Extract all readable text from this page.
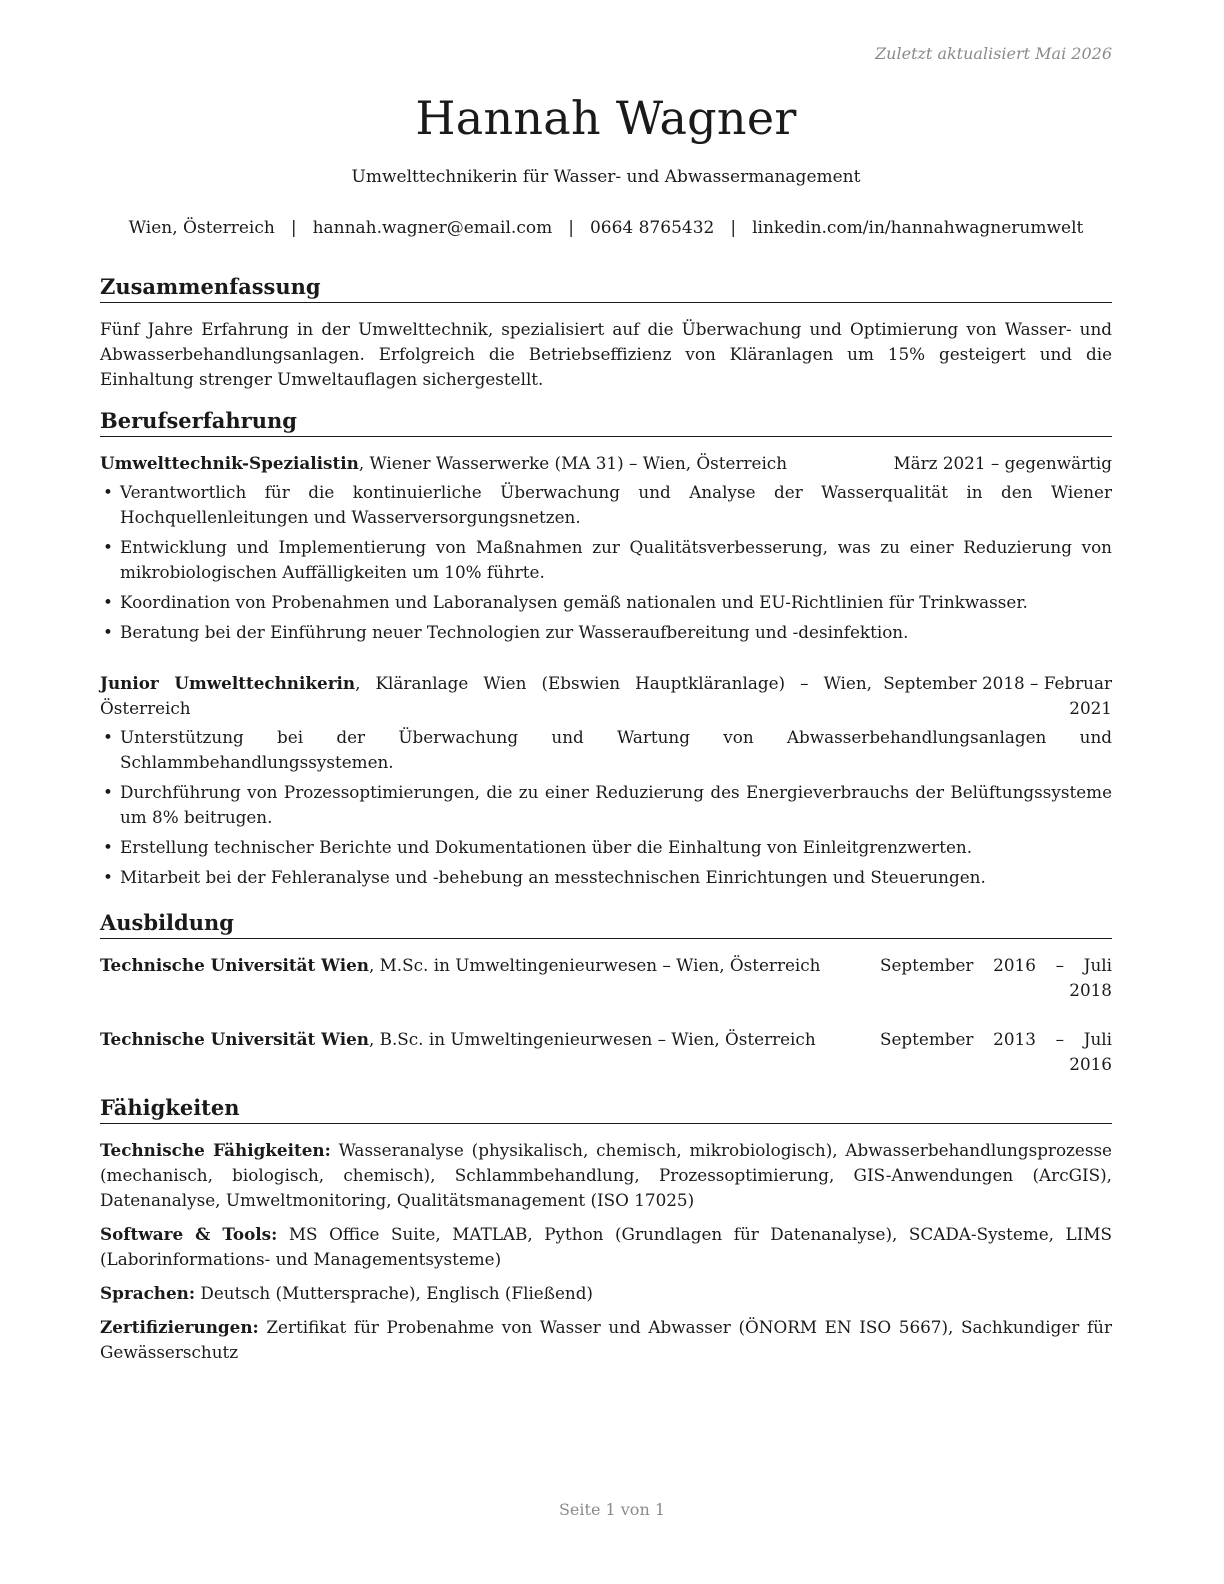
Zuletzt aktualisiert Mai 2026
Hannah Wagner
Umwelttechnikerin für Wasser- und Abwassermanagement
Wien, Österreich | hannah.wagner@email.com | 0664 8765432 | linkedin.com/in/hannahwagnerumwelt
Zusammenfassung
Fünf Jahre Erfahrung in der Umwelttechnik, spezialisiert auf die Überwachung und Optimierung von Wasser- und Abwasserbehandlungsanlagen. Erfolgreich die Betriebseffizienz von Kläranlagen um 15% gesteigert und die Einhaltung strenger Umweltauflagen sichergestellt.
Berufserfahrung
Umwelttechnik-Spezialistin, Wiener Wasserwerke (MA 31) – Wien, Österreich	März 2021 – gegenwärtig
• Verantwortlich für die kontinuierliche Überwachung und Analyse der Wasserqualität in den Wiener Hochquellenleitungen und Wasserversorgungsnetzen.
• Entwicklung und Implementierung von Maßnahmen zur Qualitätsverbesserung, was zu einer Reduzierung von mikrobiologischen Auffälligkeiten um 10% führte.
• Koordination von Probenahmen und Laboranalysen gemäß nationalen und EU-Richtlinien für Trinkwasser.
• Beratung bei der Einführung neuer Technologien zur Wasseraufbereitung und -desinfektion.
Junior Umwelttechnikerin, Kläranlage Wien (Ebswien Hauptkläranlage) – Wien, Österreich
September 2018 – Februar 2021
• Unterstützung bei der Überwachung und Wartung von Abwasserbehandlungsanlagen und Schlammbehandlungssystemen.
• Durchführung von Prozessoptimierungen, die zu einer Reduzierung des Energieverbrauchs der Belüftungssysteme um 8% beitrugen.
• Erstellung technischer Berichte und Dokumentationen über die Einhaltung von Einleitgrenzwerten.
• Mitarbeit bei der Fehleranalyse und -behebung an messtechnischen Einrichtungen und Steuerungen.
Ausbildung
Technische Universität Wien, M.Sc. in Umweltingenieurwesen – Wien, Österreich	September 2016 – Juli 2018
Technische Universität Wien, B.Sc. in Umweltingenieurwesen – Wien, Österreich	September 2013 – Juli 2016
Fähigkeiten
Technische Fähigkeiten: Wasseranalyse (physikalisch, chemisch, mikrobiologisch), Abwasserbehandlungsprozesse (mechanisch, biologisch, chemisch), Schlammbehandlung, Prozessoptimierung, GIS-Anwendungen (ArcGIS), Datenanalyse, Umweltmonitoring, Qualitätsmanagement (ISO 17025)
Software & Tools: MS Office Suite, MATLAB, Python (Grundlagen für Datenanalyse), SCADA-Systeme, LIMS (Laborinformations- und Managementsysteme)
Sprachen: Deutsch (Muttersprache), Englisch (Fließend)
Zertifizierungen: Zertifikat für Probenahme von Wasser und Abwasser (ÖNORM EN ISO 5667), Sachkundiger für Gewässerschutz
Seite 1 von 1
